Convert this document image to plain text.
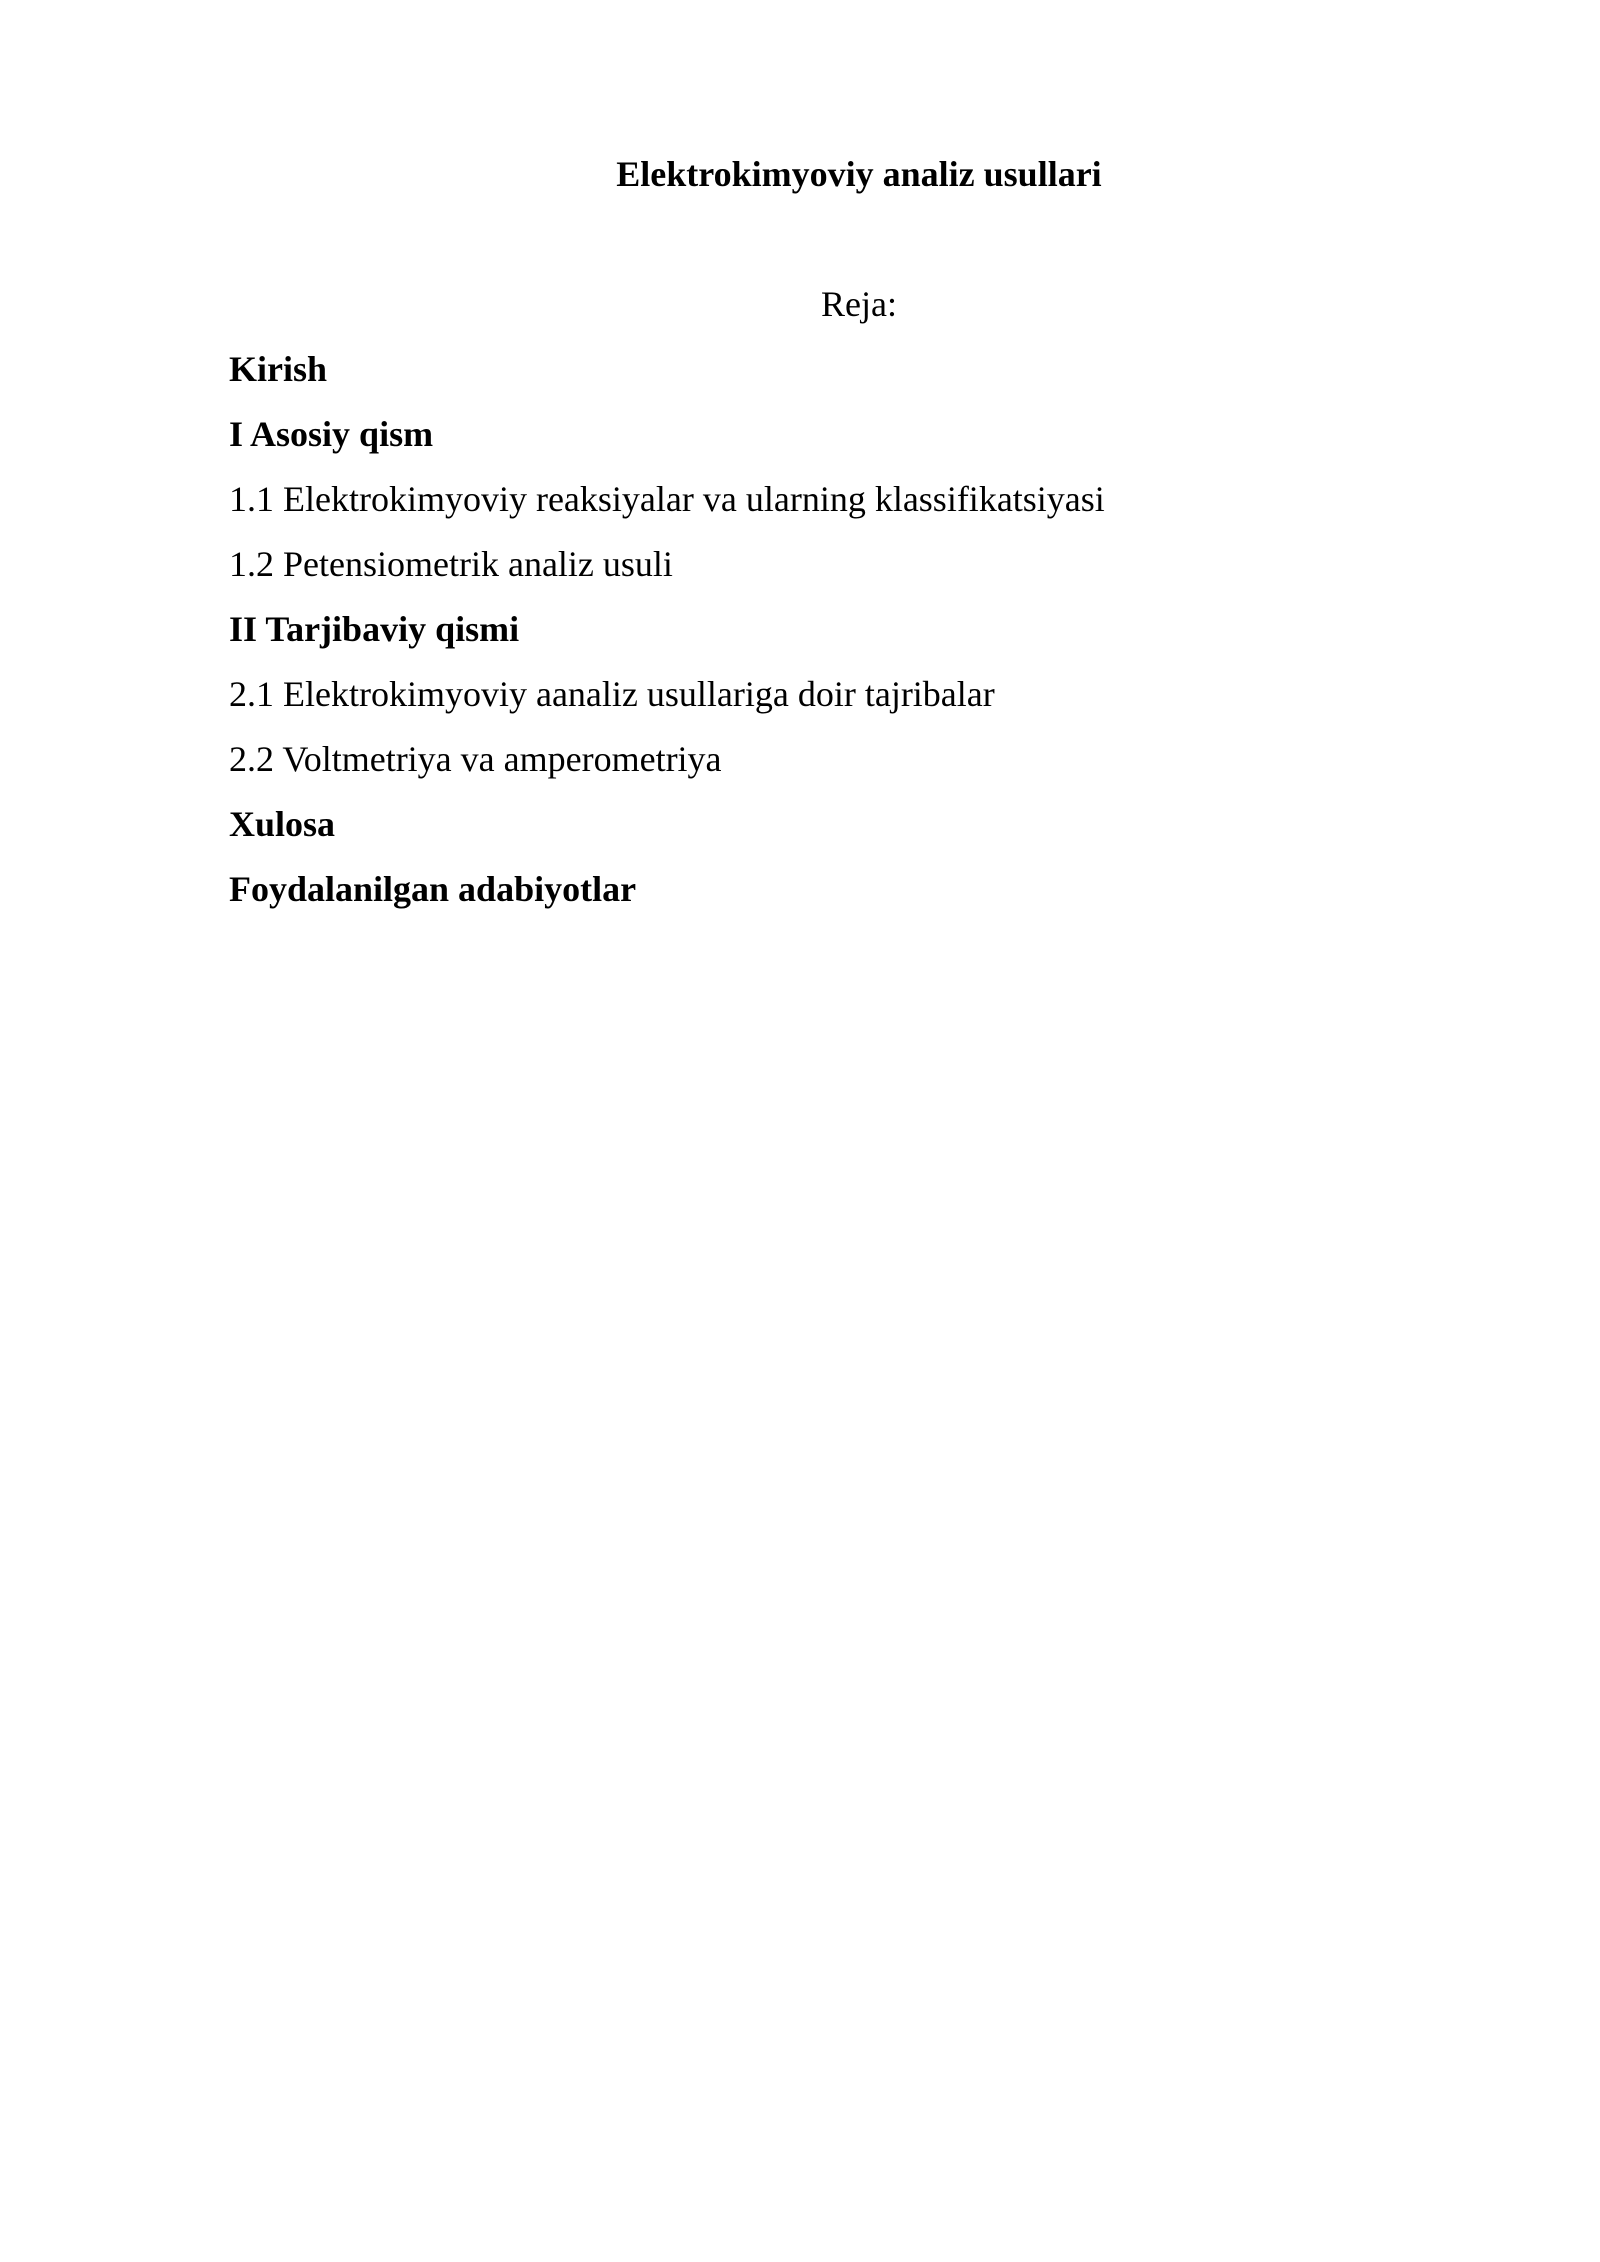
Elektrokimyoviy analiz usullari
Reja:
Kirish
I Asosiy qism
1.1 Elektrokimyoviy reaksiyalar va ularning klassifikatsiyasi
1.2 Petensiometrik analiz usuli
II Tarjibaviy qismi
2.1 Elektrokimyoviy aanaliz usullariga doir tajribalar
2.2 Voltmetriya va amperometriya
Xulosa
Foydalanilgan adabiyotlar
